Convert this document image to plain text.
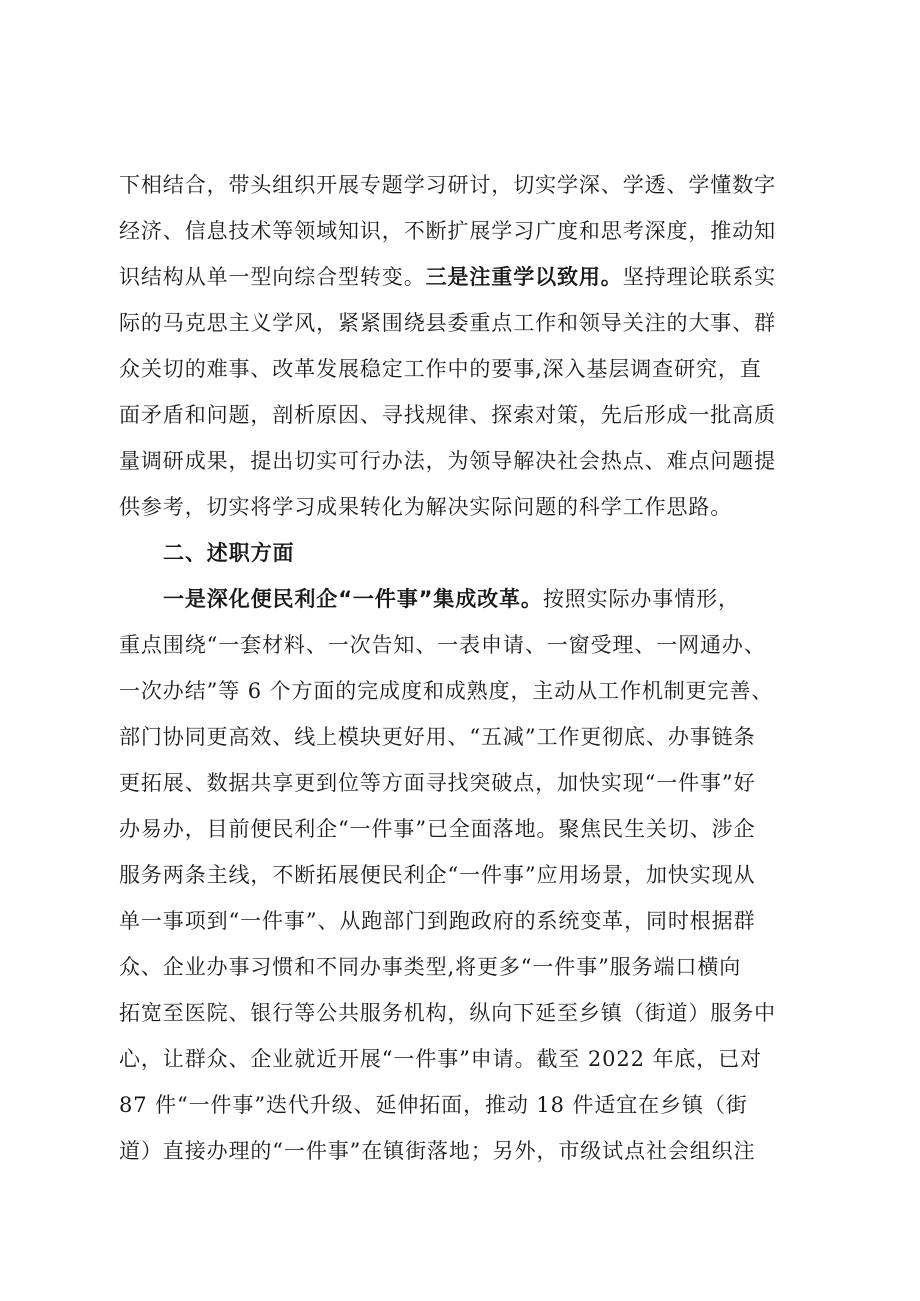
下相结合，带头组织开展专题学习研讨，切实学深、学透、学懂数字
经济、信息技术等领域知识，不断扩展学习广度和思考深度，推动知
识结构从单一型向综合型转变。三是注重学以致用。坚持理论联系实
际的马克思主义学风，紧紧围绕县委重点工作和领导关注的大事、群
众关切的难事、改革发展稳定工作中的要事,深入基层调查研究，直
面矛盾和问题，剖析原因、寻找规律、探索对策，先后形成一批高质
量调研成果，提出切实可行办法，为领导解决社会热点、难点问题提
供参考，切实将学习成果转化为解决实际问题的科学工作思路。
二、述职方面
一是深化便民利企“一件事”集成改革。按照实际办事情形，
重点围绕“一套材料、一次告知、一表申请、一窗受理、一网通办、
一次办结”等 6 个方面的完成度和成熟度，主动从工作机制更完善、
部门协同更高效、线上模块更好用、“五减”工作更彻底、办事链条
更拓展、数据共享更到位等方面寻找突破点，加快实现“一件事”好
办易办，目前便民利企“一件事”已全面落地。聚焦民生关切、涉企
服务两条主线，不断拓展便民利企“一件事”应用场景，加快实现从
单一事项到“一件事”、从跑部门到跑政府的系统变革，同时根据群
众、企业办事习惯和不同办事类型,将更多“一件事”服务端口横向
拓宽至医院、银行等公共服务机构，纵向下延至乡镇（街道）服务中
心，让群众、企业就近开展“一件事”申请。截至 2022 年底，已对
87 件“一件事”迭代升级、延伸拓面，推动 18 件适宜在乡镇（街
道）直接办理的“一件事”在镇街落地；另外，市级试点社会组织注
